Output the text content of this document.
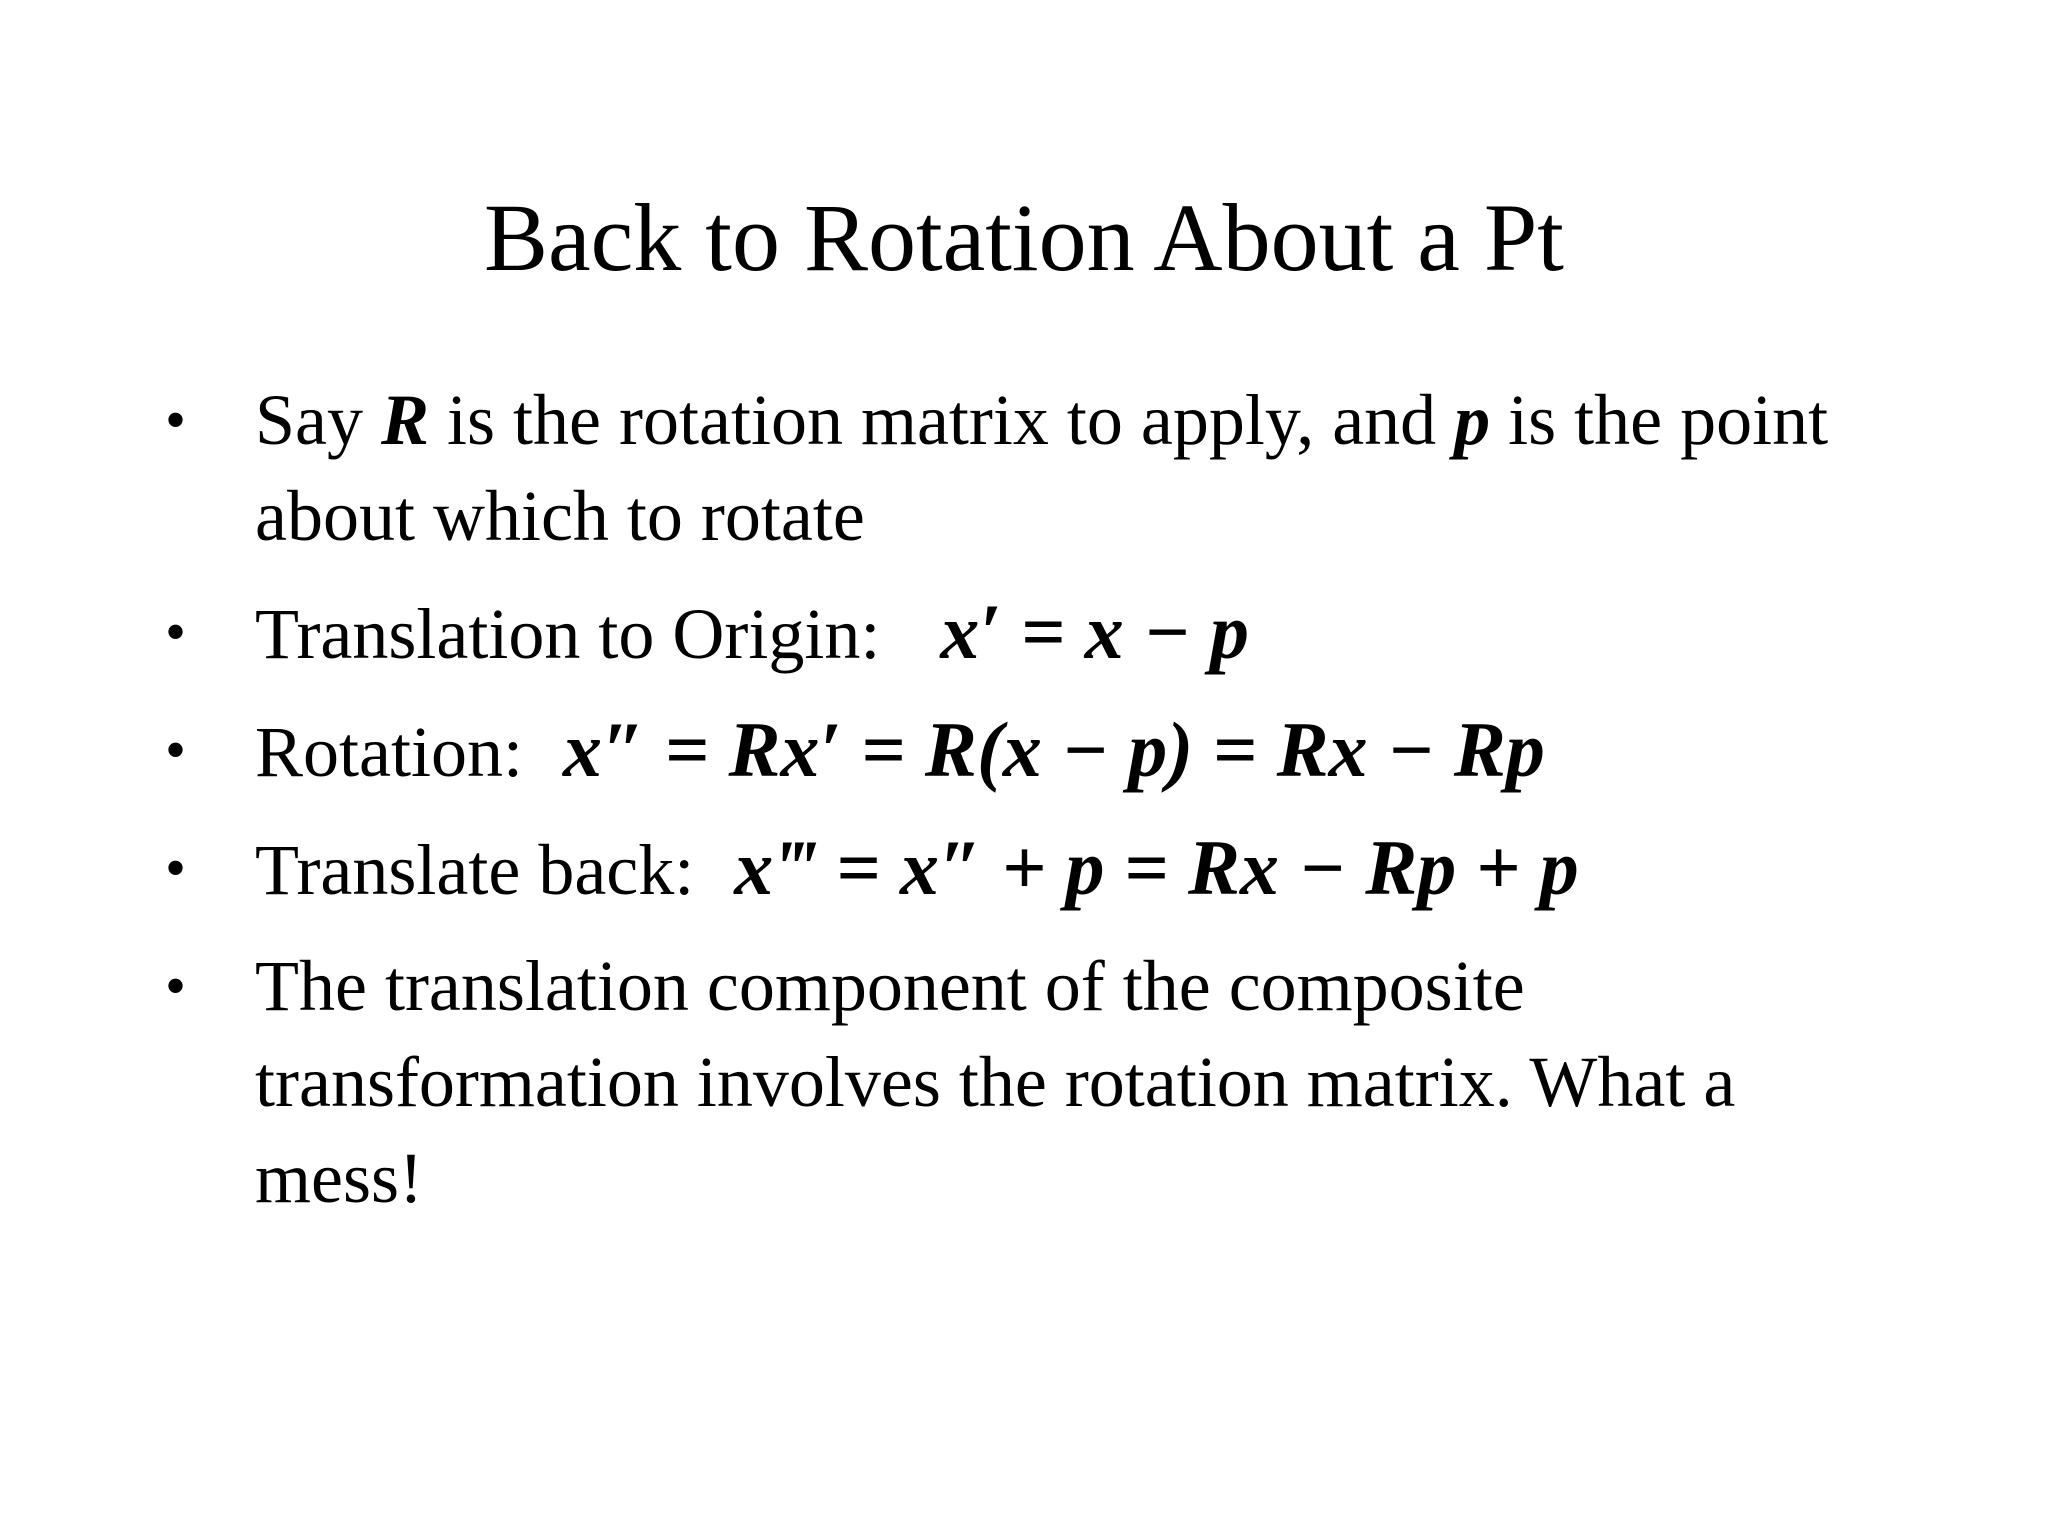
Back to Rotation About a Pt
• Say R is the rotation matrix to apply, and p is the point about which to rotate
• Translation to Origin: x′ = x − p
• Rotation: x″ = Rx′ = R(x − p) = Rx − Rp
• Translate back: x‴ = x″ + p = Rx − Rp + p
• The translation component of the composite transformation involves the rotation matrix. What a mess!
